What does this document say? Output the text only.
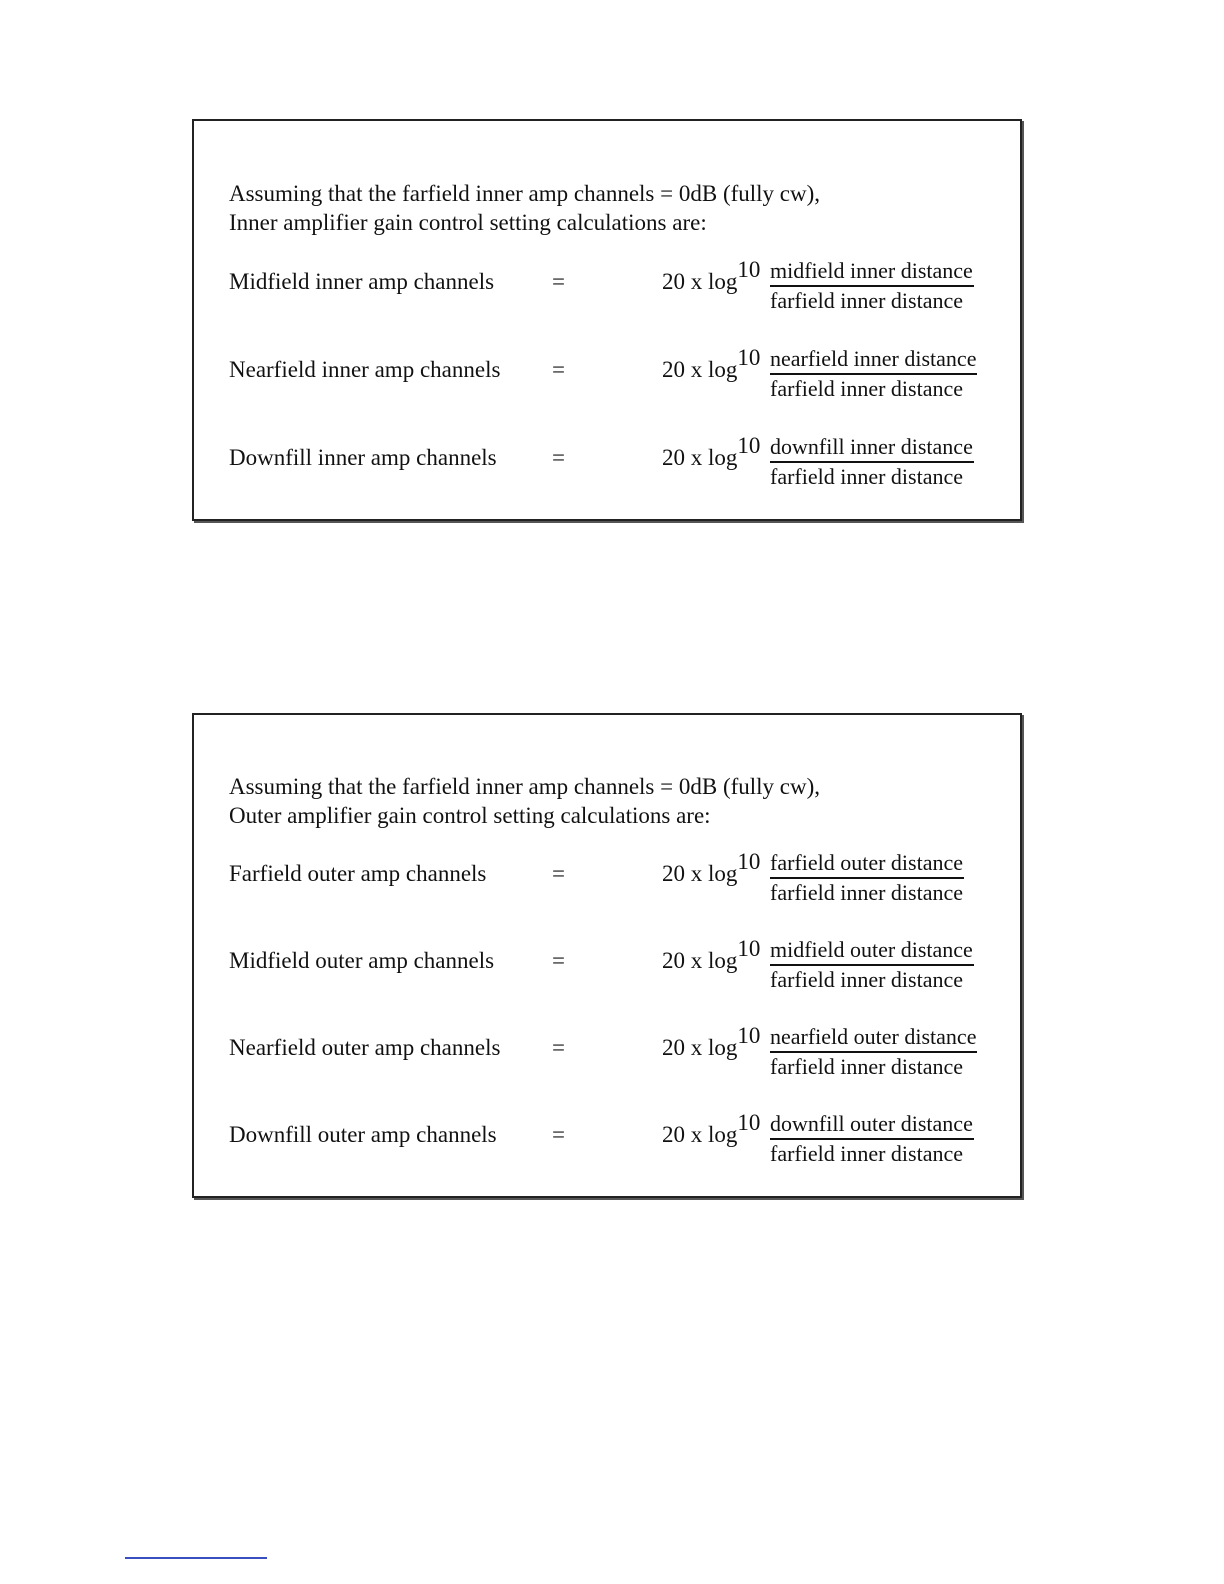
Assuming that the farfield inner amp channels = 0dB (fully cw),
Inner amplifier gain control setting calculations are:
Midfield inner amp channels	=	20 x log10 midfield inner distance
farfield inner distance
Nearfield inner amp channels =	20 x log10 nearfield inner distance
farfield inner distance
Downfill inner amp channels =	20 x log10 downfill inner distance
farfield inner distance
Assuming that the farfield inner amp channels = 0dB (fully cw),
Outer amplifier gain control setting calculations are:
Farfield outer amp channels	=	20 x log10 farfield outer distance
farfield inner distance
Midfield outer amp channels	=	20 x log10 midfield outer distance
farfield inner distance
Nearfield outer amp channels =	20 x log10 nearfield outer distance
farfield inner distance
Downfill outer amp channels =	20 x log10 downfill outer distance
farfield inner distance
